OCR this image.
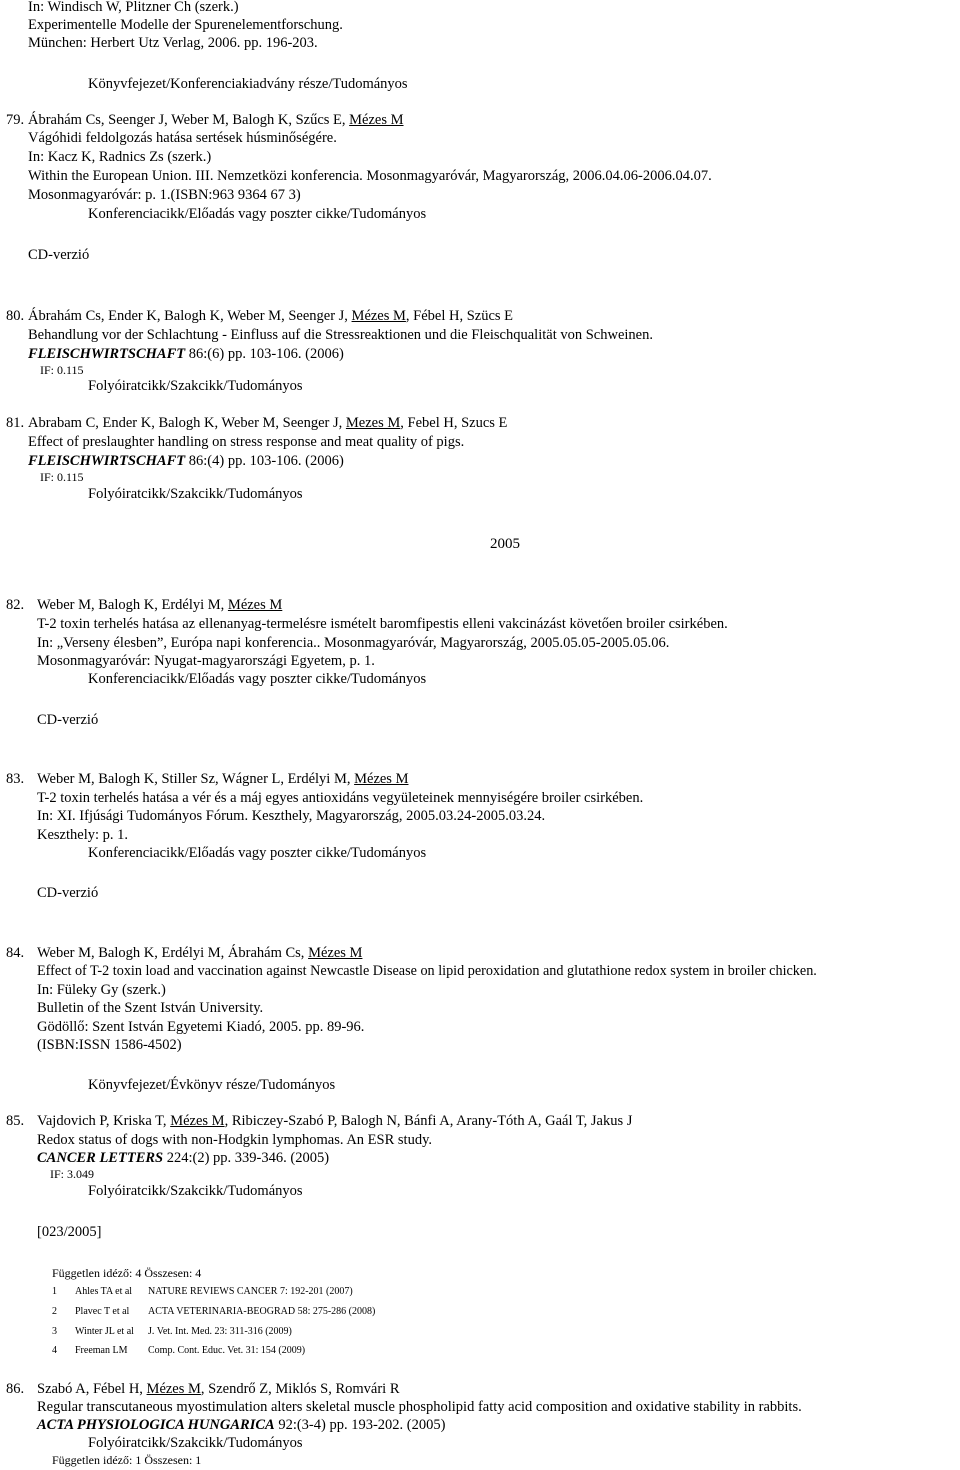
In: Windisch W, Plitzner Ch (szerk.)
Experimentelle Modelle der Spurenelementforschung.
München: Herbert Utz Verlag, 2006. pp. 196-203.
Könyvfejezet/Konferenciakiadvány része/Tudományos
79. Ábrahám Cs, Seenger J, Weber M, Balogh K, Szűcs E, Mézes M
Vágóhidi feldolgozás hatása sertések húsminőségére.
In: Kacz K, Radnics Zs (szerk.)
Within the European Union. III. Nemzetközi konferencia. Mosonmagyaróvár, Magyarország, 2006.04.06-2006.04.07.
Mosonmagyaróvár: p. 1.(ISBN:963 9364 67 3)
Konferenciacikk/Előadás vagy poszter cikke/Tudományos
CD-verzió
80. Ábrahám Cs, Ender K, Balogh K, Weber M, Seenger J, Mézes M, Fébel H, Szücs E
Behandlung vor der Schlachtung - Einfluss auf die Stressreaktionen und die Fleischqualität von Schweinen.
FLEISCHWIRTSCHAFT 86:(6) pp. 103-106. (2006)
IF: 0.115
Folyóiratcikk/Szakcikk/Tudományos
81. Abrabam C, Ender K, Balogh K, Weber M, Seenger J, Mezes M, Febel H, Szucs E
Effect of preslaughter handling on stress response and meat quality of pigs.
FLEISCHWIRTSCHAFT 86:(4) pp. 103-106. (2006)
IF: 0.115
Folyóiratcikk/Szakcikk/Tudományos
2005
82. Weber M, Balogh K, Erdélyi M, Mézes M
T-2 toxin terhelés hatása az ellenanyag-termelésre ismételt baromfipestis elleni vakcinázást követően broiler csirkében.
In: „Verseny élesben”, Európa napi konferencia.. Mosonmagyaróvár, Magyarország, 2005.05.05-2005.05.06.
Mosonmagyaróvár: Nyugat-magyarországi Egyetem, p. 1.
Konferenciacikk/Előadás vagy poszter cikke/Tudományos
CD-verzió
83. Weber M, Balogh K, Stiller Sz, Wágner L, Erdélyi M, Mézes M
T-2 toxin terhelés hatása a vér és a máj egyes antioxidáns vegyületeinek mennyiségére broiler csirkében.
In: XI. Ifjúsági Tudományos Fórum. Keszthely, Magyarország, 2005.03.24-2005.03.24.
Keszthely: p. 1.
Konferenciacikk/Előadás vagy poszter cikke/Tudományos
CD-verzió
84. Weber M, Balogh K, Erdélyi M, Ábrahám Cs, Mézes M
Effect of T-2 toxin load and vaccination against Newcastle Disease on lipid peroxidation and glutathione redox system in broiler chicken.
In: Füleky Gy (szerk.)
Bulletin of the Szent István University.
Gödöllő: Szent István Egyetemi Kiadó, 2005. pp. 89-96.
(ISBN:ISSN 1586-4502)
Könyvfejezet/Évkönyv része/Tudományos
85. Vajdovich P, Kriska T, Mézes M, Ribiczey-Szabó P, Balogh N, Bánfi A, Arany-Tóth A, Gaál T, Jakus J
Redox status of dogs with non-Hodgkin lymphomas. An ESR study.
CANCER LETTERS 224:(2) pp. 339-346. (2005)
IF: 3.049
Folyóiratcikk/Szakcikk/Tudományos
[023/2005]
Független idéző: 4 Összesen: 4
1 Ahles TA et al NATURE REVIEWS CANCER 7: 192-201 (2007)
2 Plavec T et al ACTA VETERINARIA-BEOGRAD 58: 275-286 (2008)
3 Winter JL et al J. Vet. Int. Med. 23: 311-316 (2009)
4 Freeman LM Comp. Cont. Educ. Vet. 31: 154 (2009)
86. Szabó A, Fébel H, Mézes M, Szendrő Z, Miklós S, Romvári R
Regular transcutaneous myostimulation alters skeletal muscle phospholipid fatty acid composition and oxidative stability in rabbits.
ACTA PHYSIOLOGICA HUNGARICA 92:(3-4) pp. 193-202. (2005)
Folyóiratcikk/Szakcikk/Tudományos
Független idéző: 1 Összesen: 1
